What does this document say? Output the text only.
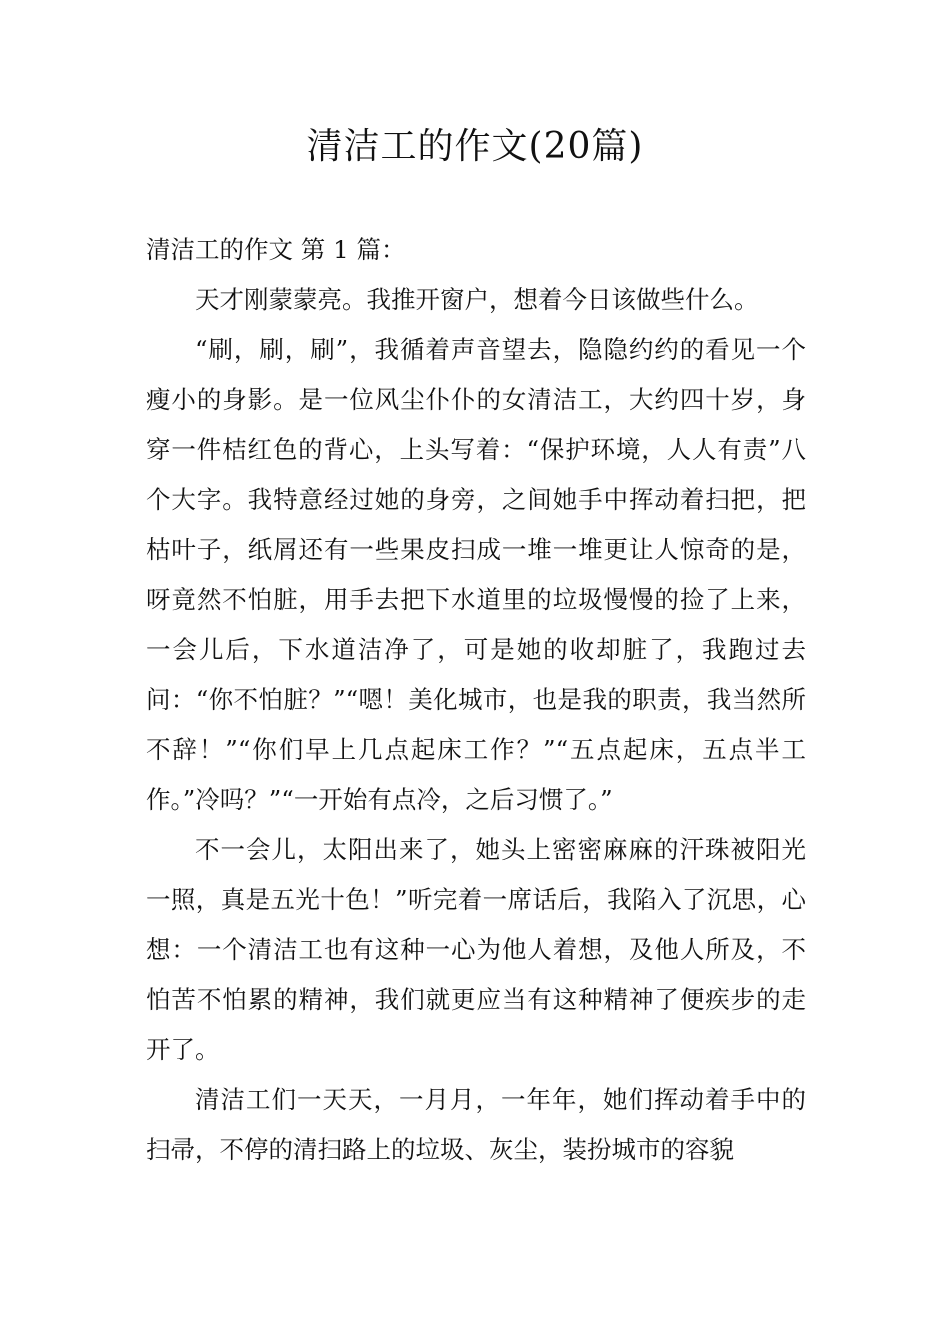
清洁工的作文(20篇)
清洁工的作文 第 1 篇：

天才刚蒙蒙亮。我推开窗户，想着今日该做些什么。

“刷，刷，刷”，我循着声音望去，隐隐约约的看见一个瘦小的身影。是一位风尘仆仆的女清洁工，大约四十岁，身穿一件桔红色的背心，上头写着：“保护环境，人人有责”八个大字。我特意经过她的身旁，之间她手中挥动着扫把，把枯叶子，纸屑还有一些果皮扫成一堆一堆更让人惊奇的是，呀竟然不怕脏，用手去把下水道里的垃圾慢慢的捡了上来，一会儿后，下水道洁净了，可是她的收却脏了，我跑过去问：“你不怕脏？”“嗯！美化城市，也是我的职责，我当然所不辞！”“你们早上几点起床工作？”“五点起床，五点半工作。”冷吗？”“一开始有点冷，之后习惯了。”

不一会儿，太阳出来了，她头上密密麻麻的汗珠被阳光一照，真是五光十色！”听完着一席话后，我陷入了沉思，心想：一个清洁工也有这种一心为他人着想，及他人所及，不怕苦不怕累的精神，我们就更应当有这种精神了便疾步的走开了。

清洁工们一天天，一月月，一年年，她们挥动着手中的扫帚，不停的清扫路上的垃圾、灰尘，装扮城市的容貌
